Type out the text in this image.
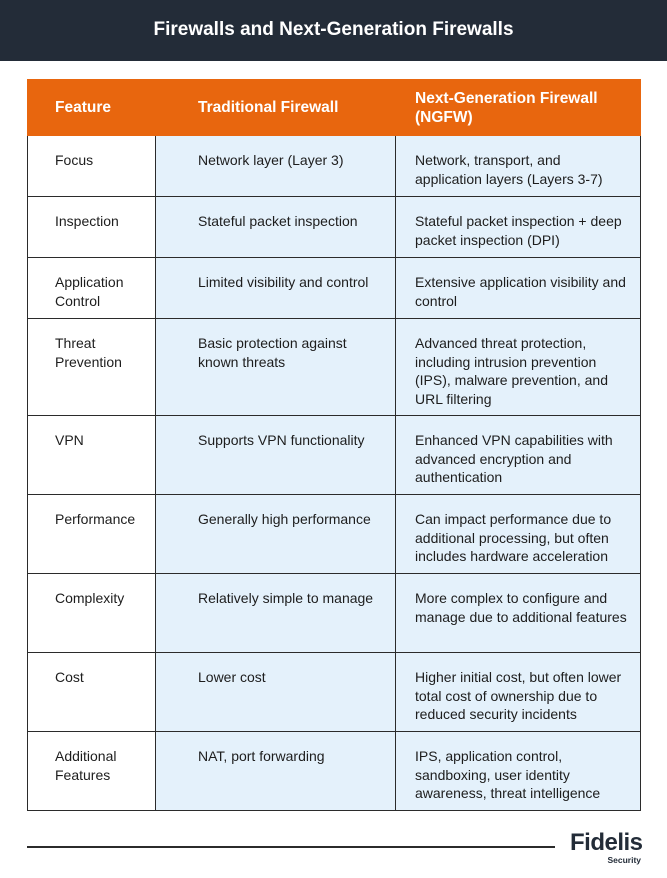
Firewalls and Next-Generation Firewalls
Feature	Traditional Firewall	Next-Generation Firewall (NGFW)
Focus	Network layer (Layer 3)	Network, transport, and application layers (Layers 3-7)
Inspection	Stateful packet inspection	Stateful packet inspection + deep packet inspection (DPI)
Application Control	Limited visibility and control	Extensive application visibility and control
Threat Prevention	Basic protection against known threats	Advanced threat protection, including intrusion prevention (IPS), malware prevention, and URL filtering
VPN	Supports VPN functionality	Enhanced VPN capabilities with advanced encryption and authentication
Performance	Generally high performance	Can impact performance due to additional processing, but often includes hardware acceleration
Complexity	Relatively simple to manage	More complex to configure and manage due to additional features
Cost	Lower cost	Higher initial cost, but often lower total cost of ownership due to reduced security incidents
Additional Features	NAT, port forwarding	IPS, application control, sandboxing, user identity awareness, threat intelligence
Fidelis
Security
